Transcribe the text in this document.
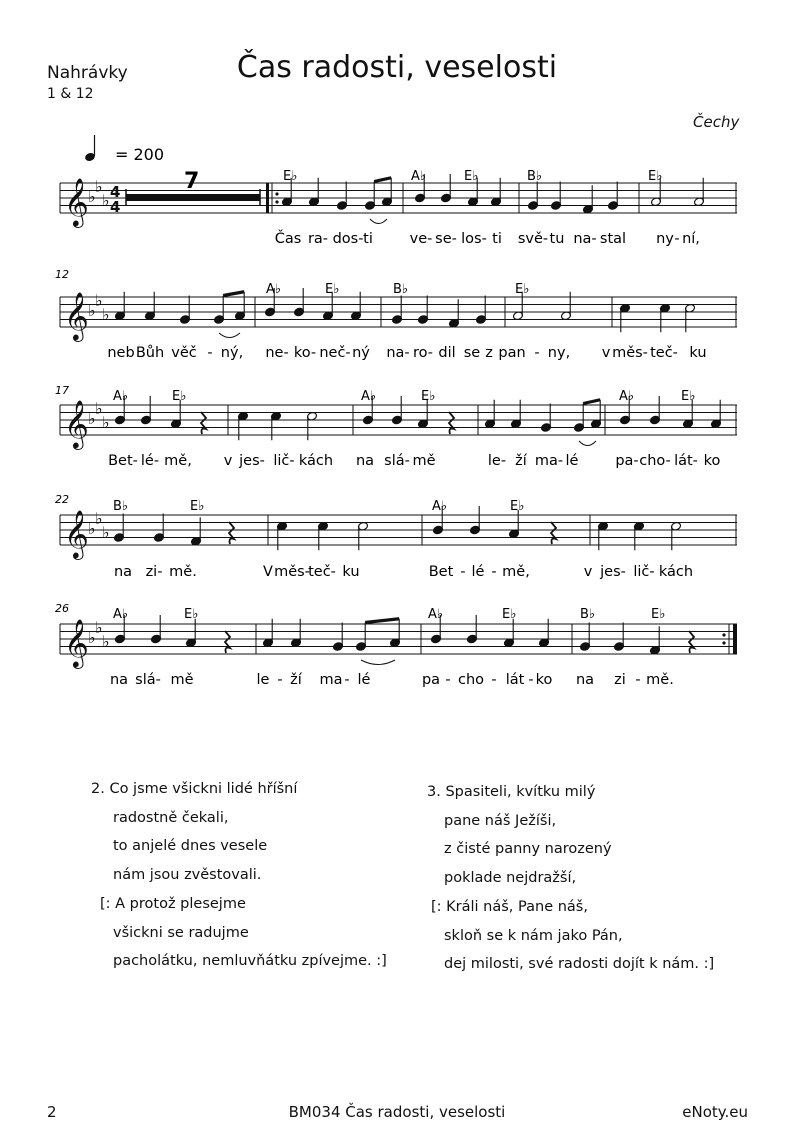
Nahrávky
1 & 12
Čas radosti, veselosti
Čechy
𝄞 ♭
♭
♭
𝄞 ♭
♭
♭
𝄞 ♭
♭
♭
𝄞 ♭
♭
♭
𝄞 ♭
♭
♭
4
4
= 200
7
12
17
22
26
E♭	A♭	E♭	B♭	E♭
Čas ra- dos- ti	ve- se- los- ti svě- tu na- stal ny - ní,
A♭	E♭	B♭	E♭
neb Bůh věč - ný, ne- ko- neč- ný na- ro- dil se z pan - ny, v měs- teč- ku
A♭	E♭	A♭	E♭	A♭	E♭
Bet- lé- mě, v jes- lič- kách na slá- mě	le- ží ma- lé	pa- cho- lát- ko
B♭	E♭	A♭	E♭
na zi- mě.	V měs-
teč- ku	Bet - lé - mě,	v jes- lič- kách
A♭	E♭	A♭	E♭	B♭	E♭
na slá- mě	le - ží ma - lé	pa - cho - lát - ko na zi - mě.
2. Co jsme všickni lidé hříšní
radostně čekali,
to anjelé dnes vesele
nám jsou zvěstovali.
[: A protož plesejme
všickni se radujme
pacholátku, nemluvňátku zpívejme. :]
3. Spasiteli, kvítku milý
pane náš Ježíši,
z čisté panny narozený
poklade nejdražší,
[: Králi náš, Pane náš,
skloň se k nám jako Pán,
dej milosti, své radosti dojít k nám. :]
2	BM034 Čas radosti, veselosti	eNoty.eu
